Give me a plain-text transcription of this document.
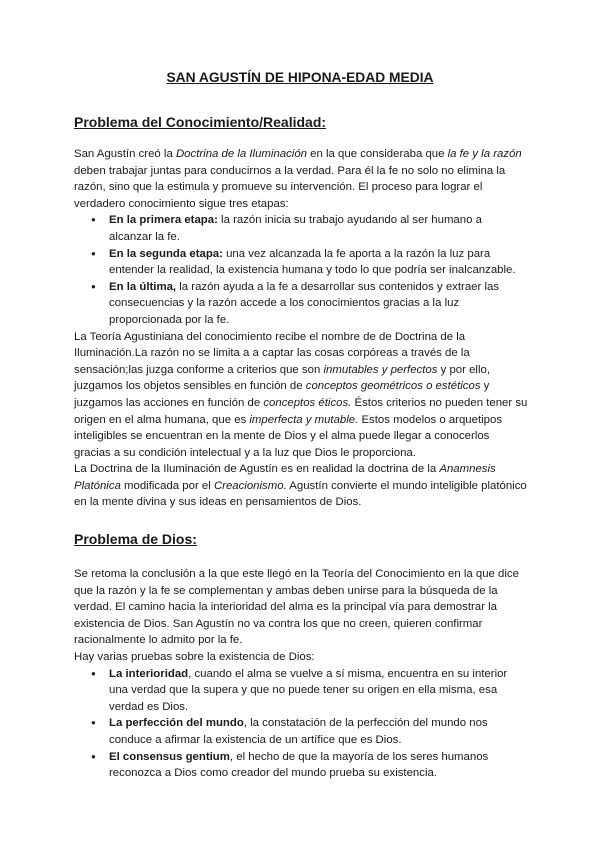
SAN AGUSTÍN DE HIPONA-EDAD MEDIA
Problema del Conocimiento/Realidad:

San Agustín creó la Doctrina de la Iluminación en la que consideraba que la fe y la razón deben trabajar juntas para conducirnos a la verdad. Para él la fe no solo no elimina la razón, sino que la estimula y promueve su intervención. El proceso para lograr el verdadero conocimiento sigue tres etapas:

● En la primera etapa: la razón inicia su trabajo ayudando al ser humano a alcanzar la fe.
● En la segunda etapa: una vez alcanzada la fe aporta a la razón la luz para entender la realidad, la existencia humana y todo lo que podría ser inalcanzable.
● En la última, la razón ayuda a la fe a desarrollar sus contenidos y extraer las consecuencias y la razón accede a los conocimientos gracias a la luz proporcionada por la fe.

La Teoría Agustiniana del conocimiento recibe el nombre de de Doctrina de la Iluminación.La razón no se limita a a captar las cosas corpóreas a través de la sensación;las juzga conforme a criterios que son inmutables y perfectos y por ello, juzgamos los objetos sensibles en función de conceptos geométricos o estéticos y juzgamos las acciones en función de conceptos éticos. Éstos criterios no pueden tener su origen en el alma humana, que es imperfecta y mutable. Estos modelos o arquetipos inteligibles se encuentran en la mente de Dios y el alma puede llegar a conocerlos gracias a su condición intelectual y a la luz que Dios le proporciona.

La Doctrina de la Iluminación de Agustín es en realidad la doctrina de la Anamnesis Platónica modificada por el Creacionismo. Agustín convierte el mundo inteligible platónico en la mente divina y sus ideas en pensamientos de Dios.

Problema de Dios:

Se retoma la conclusión a la que este llegó en la Teoría del Conocimiento en la que dice que la razón y la fe se complementan y ambas deben unirse para la búsqueda de la verdad. El camino hacia la interioridad del alma es la principal vía para demostrar la existencia de Dios. San Agustín no va contra los que no creen, quieren confirmar racionalmente lo admito por la fe.

Hay varias pruebas sobre la existencia de Dios:

● La interioridad, cuando el alma se vuelve a sí misma, encuentra en su interior una verdad que la supera y que no puede tener su origen en ella misma, esa verdad es Dios.
● La perfección del mundo, la constatación de la perfección del mundo nos conduce a afirmar la existencia de un artífice que es Dios.
● El consensus gentium, el hecho de que la mayoría de los seres humanos reconozca a Dios como creador del mundo prueba su existencia.
